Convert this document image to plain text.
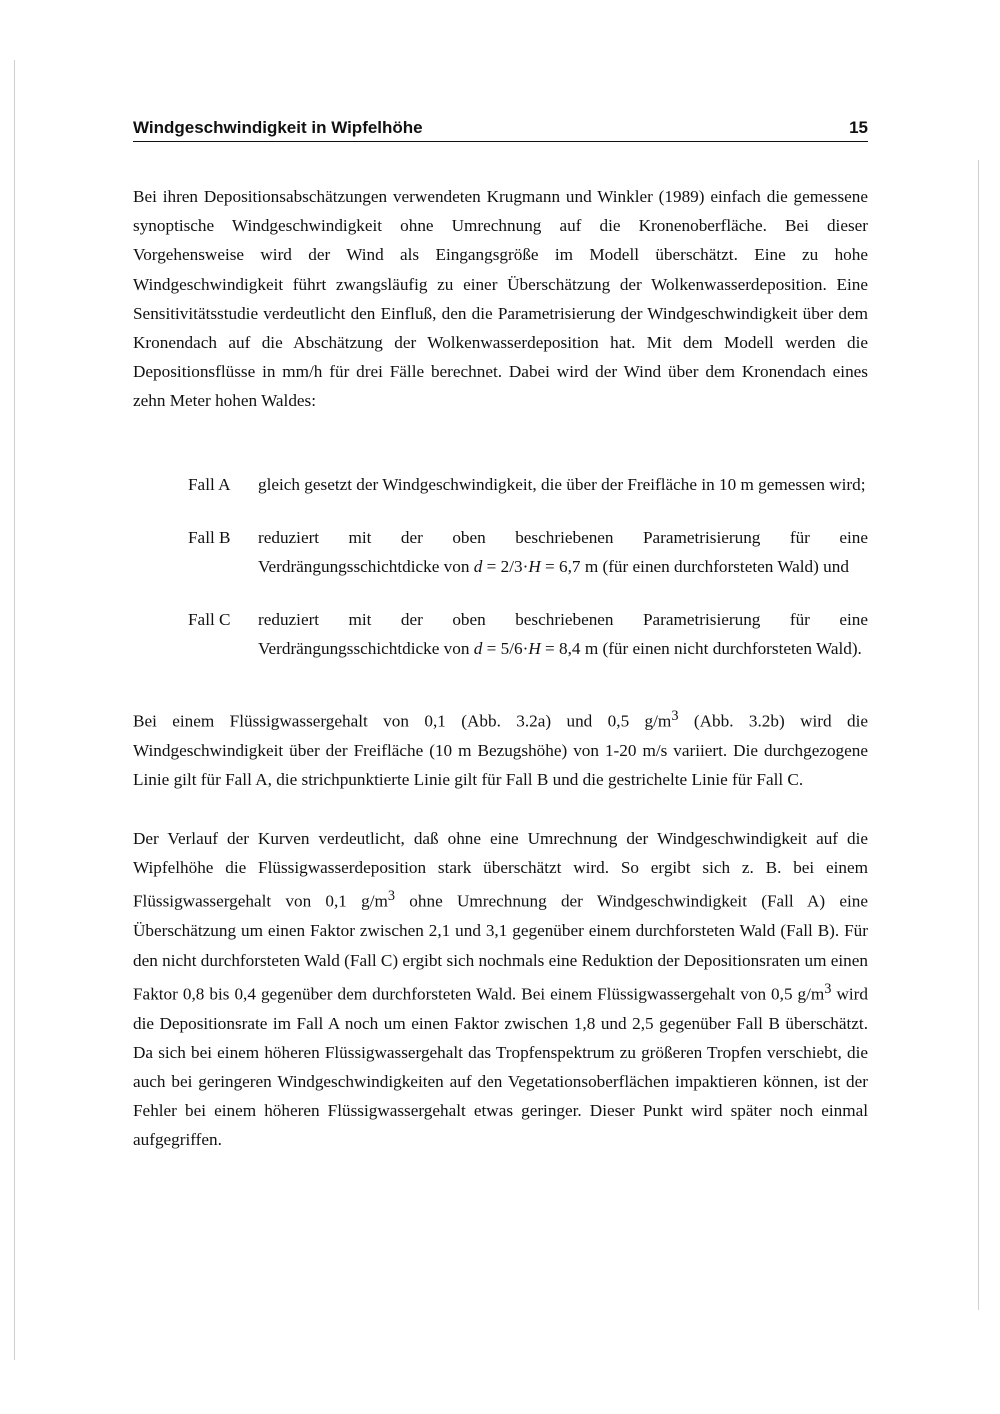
Windgeschwindigkeit in Wipfelhöhe	15

Bei ihren Depositionsabschätzungen verwendeten Krugmann und Winkler (1989) einfach die gemessene synoptische Windgeschwindigkeit ohne Umrechnung auf die Kronenoberfläche. Bei dieser Vorgehensweise wird der Wind als Eingangsgröße im Modell überschätzt. Eine zu hohe Windgeschwindigkeit führt zwangsläufig zu einer Überschätzung der Wolkenwasserdeposition. Eine Sensitivitätsstudie verdeutlicht den Einfluß, den die Parametrisierung der Windgeschwindigkeit über dem Kronendach auf die Abschätzung der Wolkenwasserdeposition hat. Mit dem Modell werden die Depositionsflüsse in mm/h für drei Fälle berechnet. Dabei wird der Wind über dem Kronendach eines zehn Meter hohen Waldes:

Fall A	gleich gesetzt der Windgeschwindigkeit, die über der Freifläche in 10 m gemessen wird;
Fall B	reduziert mit der oben beschriebenen Parametrisierung für eine Verdrängungsschichtdicke von d = 2/3·H = 6,7 m (für einen durchforsteten Wald) und
Fall C	reduziert mit der oben beschriebenen Parametrisierung für eine Verdrängungsschichtdicke von d = 5/6·H = 8,4 m (für einen nicht durchforsteten Wald).

Bei einem Flüssigwassergehalt von 0,1 (Abb. 3.2a) und 0,5 $g/m^3$ (Abb. 3.2b) wird die Windgeschwindigkeit über der Freifläche (10 m Bezugshöhe) von 1-20 m/s variiert. Die durchgezogene Linie gilt für Fall A, die strichpunktierte Linie gilt für Fall B und die gestrichelte Linie für Fall C.

Der Verlauf der Kurven verdeutlicht, daß ohne eine Umrechnung der Windgeschwindigkeit auf die Wipfelhöhe die Flüssigwasserdeposition stark überschätzt wird. So ergibt sich z. B. bei einem Flüssigwassergehalt von 0,1 $g/m^3$ ohne Umrechnung der Windgeschwindigkeit (Fall A) eine Überschätzung um einen Faktor zwischen 2,1 und 3,1 gegenüber einem durchforsteten Wald (Fall B). Für den nicht durchforsteten Wald (Fall C) ergibt sich nochmals eine Reduktion der Depositionsraten um einen Faktor 0,8 bis 0,4 gegenüber dem durchforsteten Wald. Bei einem Flüssigwassergehalt von 0,5 $g/m^3$ wird die Depositionsrate im Fall A noch um einen Faktor zwischen 1,8 und 2,5 gegenüber Fall B überschätzt. Da sich bei einem höheren Flüssigwassergehalt das Tropfenspektrum zu größeren Tropfen verschiebt, die auch bei geringeren Windgeschwindigkeiten auf den Vegetationsoberflächen impaktieren können, ist der Fehler bei einem höheren Flüssigwassergehalt etwas geringer. Dieser Punkt wird später noch einmal aufgegriffen.
